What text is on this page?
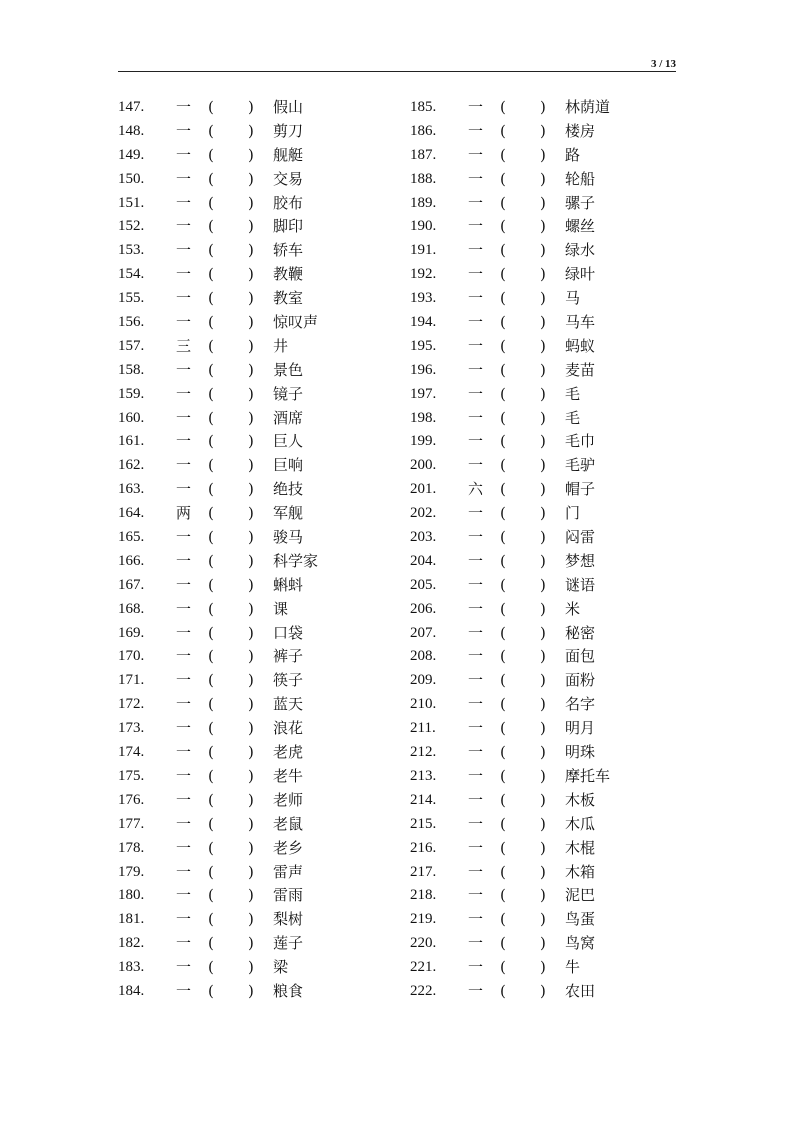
3 / 13
147. 一 ( ) 假山
148. 一 ( ) 剪刀
149. 一 ( ) 舰艇
150. 一 ( ) 交易
151. 一 ( ) 胶布
152. 一 ( ) 脚印
153. 一 ( ) 轿车
154. 一 ( ) 教鞭
155. 一 ( ) 教室
156. 一 ( ) 惊叹声
157. 三 ( ) 井
158. 一 ( ) 景色
159. 一 ( ) 镜子
160. 一 ( ) 酒席
161. 一 ( ) 巨人
162. 一 ( ) 巨响
163. 一 ( ) 绝技
164. 两 ( ) 军舰
165. 一 ( ) 骏马
166. 一 ( ) 科学家
167. 一 ( ) 蝌蚪
168. 一 ( ) 课
169. 一 ( ) 口袋
170. 一 ( ) 裤子
171. 一 ( ) 筷子
172. 一 ( ) 蓝天
173. 一 ( ) 浪花
174. 一 ( ) 老虎
175. 一 ( ) 老牛
176. 一 ( ) 老师
177. 一 ( ) 老鼠
178. 一 ( ) 老乡
179. 一 ( ) 雷声
180. 一 ( ) 雷雨
181. 一 ( ) 梨树
182. 一 ( ) 莲子
183. 一 ( ) 梁
184. 一 ( ) 粮食
185. 一 ( ) 林荫道
186. 一 ( ) 楼房
187. 一 ( ) 路
188. 一 ( ) 轮船
189. 一 ( ) 骡子
190. 一 ( ) 螺丝
191. 一 ( ) 绿水
192. 一 ( ) 绿叶
193. 一 ( ) 马
194. 一 ( ) 马车
195. 一 ( ) 蚂蚁
196. 一 ( ) 麦苗
197. 一 ( ) 毛
198. 一 ( ) 毛
199. 一 ( ) 毛巾
200. 一 ( ) 毛驴
201. 六 ( ) 帽子
202. 一 ( ) 门
203. 一 ( ) 闷雷
204. 一 ( ) 梦想
205. 一 ( ) 谜语
206. 一 ( ) 米
207. 一 ( ) 秘密
208. 一 ( ) 面包
209. 一 ( ) 面粉
210. 一 ( ) 名字
211. 一 ( ) 明月
212. 一 ( ) 明珠
213. 一 ( ) 摩托车
214. 一 ( ) 木板
215. 一 ( ) 木瓜
216. 一 ( ) 木棍
217. 一 ( ) 木箱
218. 一 ( ) 泥巴
219. 一 ( ) 鸟蛋
220. 一 ( ) 鸟窝
221. 一 ( ) 牛
222. 一 ( ) 农田
